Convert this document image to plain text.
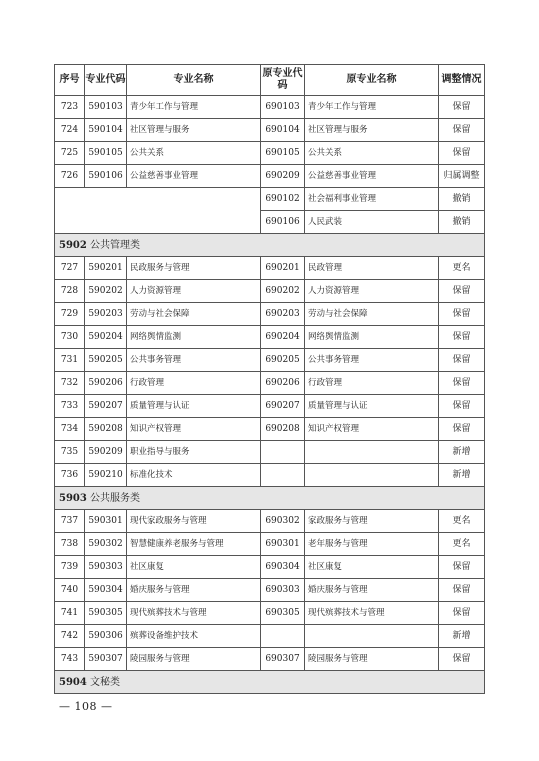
序号	专业代码	专业名称	原专业代码	原专业名称	调整情况
723	590103	青少年工作与管理	690103	青少年工作与管理	保留
724	590104	社区管理与服务	690104	社区管理与服务	保留
725	590105	公共关系	690105	公共关系	保留
726	590106	公益慈善事业管理	690209	公益慈善事业管理	归属调整
			690102	社会福利事业管理	撤销
			690106	人民武装	撤销
5902 公共管理类					
727	590201	民政服务与管理	690201	民政管理	更名
728	590202	人力资源管理	690202	人力资源管理	保留
729	590203	劳动与社会保障	690203	劳动与社会保障	保留
730	590204	网络舆情监测	690204	网络舆情监测	保留
731	590205	公共事务管理	690205	公共事务管理	保留
732	590206	行政管理	690206	行政管理	保留
733	590207	质量管理与认证	690207	质量管理与认证	保留
734	590208	知识产权管理	690208	知识产权管理	保留
735	590209	职业指导与服务			新增
736	590210	标准化技术			新增
5903 公共服务类					
737	590301	现代家政服务与管理	690302	家政服务与管理	更名
738	590302	智慧健康养老服务与管理	690301	老年服务与管理	更名
739	590303	社区康复	690304	社区康复	保留
740	590304	婚庆服务与管理	690303	婚庆服务与管理	保留
741	590305	现代殡葬技术与管理	690305	现代殡葬技术与管理	保留
742	590306	殡葬设备维护技术			新增
743	590307	陵园服务与管理	690307	陵园服务与管理	保留
5904 文秘类					
— 108 —
